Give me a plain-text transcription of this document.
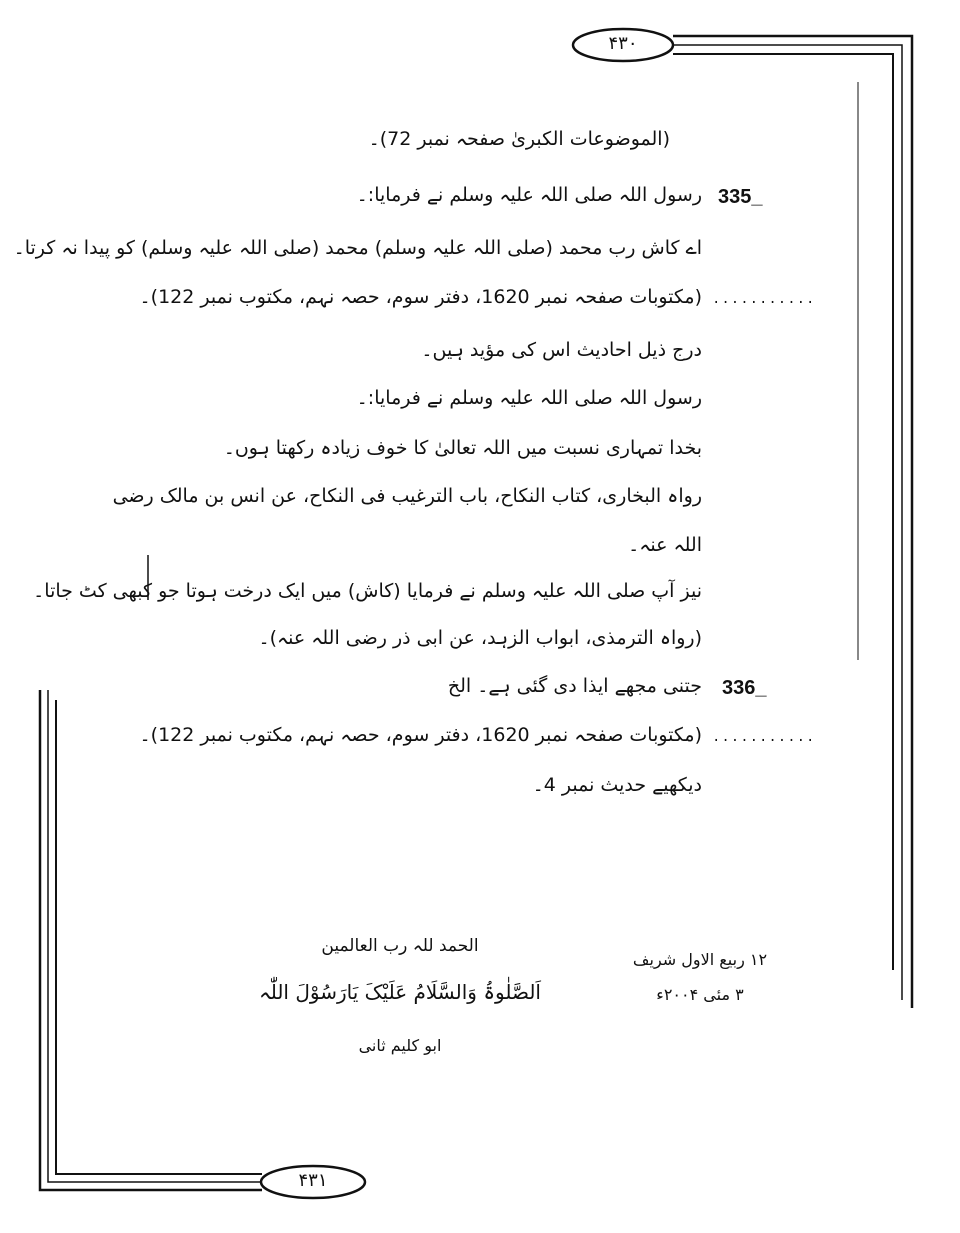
۴۳۰
۴۳۱
(الموضوعات الکبریٰ صفحہ نمبر 72)۔
335_
رسول اللہ صلی اللہ علیہ وسلم نے فرمایا:۔
اے کاش رب محمد (صلی اللہ علیہ وسلم) محمد (صلی اللہ علیہ وسلم) کو پیدا نہ کرتا۔
...........
(مکتوبات صفحہ نمبر 1620، دفتر سوم، حصہ نہم، مکتوب نمبر 122)۔
درج ذیل احادیث اس کی مؤید ہیں۔
رسول اللہ صلی اللہ علیہ وسلم نے فرمایا:۔
بخدا تمہاری نسبت میں اللہ تعالیٰ کا خوف زیادہ رکھتا ہوں۔
رواہ البخاری، کتاب النکاح، باب الترغیب فی النکاح، عن انس بن مالک رضی
اللہ عنہ۔
نیز آپ صلی اللہ علیہ وسلم نے فرمایا (کاش) میں ایک درخت ہوتا جو کبھی کٹ جاتا۔
(رواہ الترمذی، ابواب الزہد، عن ابی ذر رضی اللہ عنہ)۔
336_
جتنی مجھے ایذا دی گئی ہے۔ الخ
...........
(مکتوبات صفحہ نمبر 1620، دفتر سوم، حصہ نہم، مکتوب نمبر 122)۔
دیکھیے حدیث نمبر 4۔
الحمد للہ رب العالمین
اَلصَّلٰوۃُ وَالسَّلَامُ عَلَیْکَ یَارَسُوْلَ اللّٰہ
ابو کلیم ثانی
۱۲ ربیع الاول شریف
۳ مئی ۲۰۰۴ء
